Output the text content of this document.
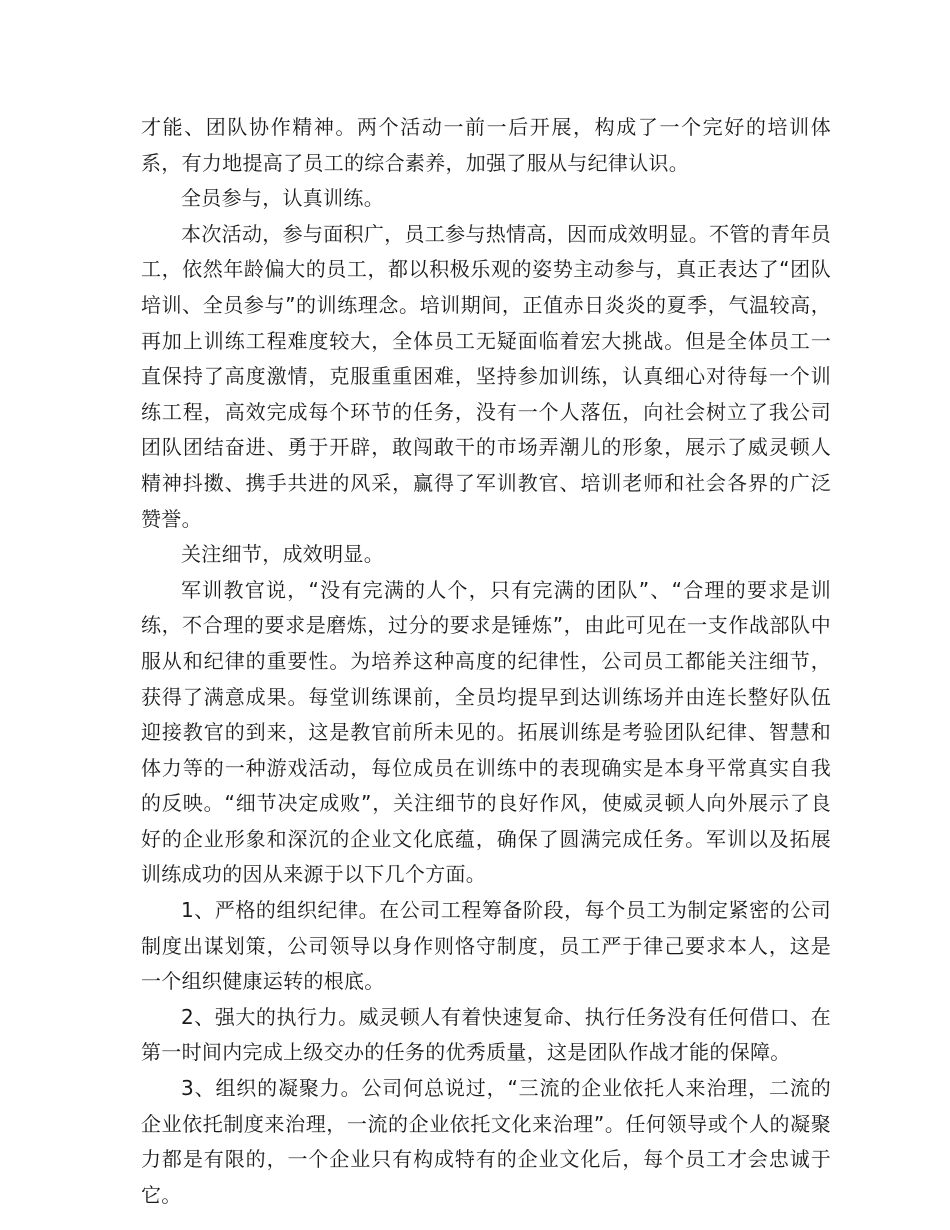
才能、团队协作精神。两个活动一前一后开展，构成了一个完好的培训体系，有力地提高了员工的综合素养，加强了服从与纪律认识。

全员参与，认真训练。

本次活动，参与面积广，员工参与热情高，因而成效明显。不管的青年员工，依然年龄偏大的员工，都以积极乐观的姿势主动参与，真正表达了“团队培训、全员参与”的训练理念。培训期间，正值赤日炎炎的夏季，气温较高，再加上训练工程难度较大，全体员工无疑面临着宏大挑战。但是全体员工一直保持了高度激情，克服重重困难，坚持参加训练，认真细心对待每一个训练工程，高效完成每个环节的任务，没有一个人落伍，向社会树立了我公司团队团结奋进、勇于开辟，敢闯敢干的市场弄潮儿的形象，展示了威灵顿人精神抖擞、携手共进的风采，赢得了军训教官、培训老师和社会各界的广泛赞誉。

关注细节，成效明显。

军训教官说，“没有完满的人个，只有完满的团队”、“合理的要求是训练，不合理的要求是磨炼，过分的要求是锤炼”，由此可见在一支作战部队中服从和纪律的重要性。为培养这种高度的纪律性，公司员工都能关注细节，获得了满意成果。每堂训练课前，全员均提早到达训练场并由连长整好队伍迎接教官的到来，这是教官前所未见的。拓展训练是考验团队纪律、智慧和体力等的一种游戏活动，每位成员在训练中的表现确实是本身平常真实自我的反映。“细节决定成败”，关注细节的良好作风，使威灵顿人向外展示了良好的企业形象和深沉的企业文化底蕴，确保了圆满完成任务。军训以及拓展训练成功的因从来源于以下几个方面。

1、严格的组织纪律。在公司工程筹备阶段，每个员工为制定紧密的公司制度出谋划策，公司领导以身作则恪守制度，员工严于律己要求本人，这是一个组织健康运转的根底。

2、强大的执行力。威灵顿人有着快速复命、执行任务没有任何借口、在第一时间内完成上级交办的任务的优秀质量，这是团队作战才能的保障。

3、组织的凝聚力。公司何总说过，“三流的企业依托人来治理，二流的企业依托制度来治理，一流的企业依托文化来治理”。任何领导或个人的凝聚力都是有限的，一个企业只有构成特有的企业文化后，每个员工才会忠诚于它。
